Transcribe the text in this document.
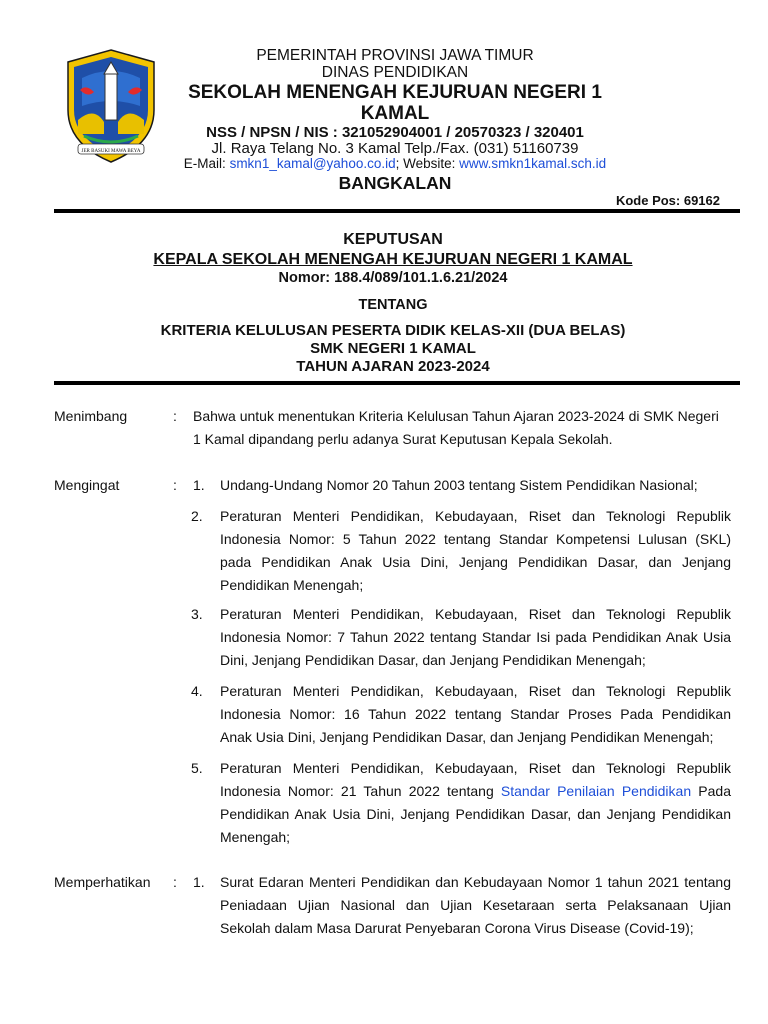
JER BASUKI MAWA BEYA
PEMERINTAH PROVINSI JAWA TIMUR
DINAS PENDIDIKAN
SEKOLAH MENENGAH KEJURUAN NEGERI 1
KAMAL
NSS / NPSN / NIS : 321052904001 / 20570323 / 320401
Jl. Raya Telang No. 3 Kamal Telp./Fax. (031) 51160739
E-Mail: smkn1_kamal@yahoo.co.id; Website: www.smkn1kamal.sch.id
BANGKALAN
Kode Pos: 69162
KEPUTUSAN
KEPALA SEKOLAH MENENGAH KEJURUAN NEGERI 1 KAMAL
Nomor: 188.4/089/101.1.6.21/2024
TENTANG
KRITERIA KELULUSAN PESERTA DIDIK KELAS-XII (DUA BELAS)
SMK NEGERI 1 KAMAL
TAHUN AJARAN 2023-2024
Menimbang	: Bahwa untuk menentukan Kriteria Kelulusan Tahun Ajaran 2023-2024 di SMK Negeri
1 Kamal dipandang perlu adanya Surat Keputusan Kepala Sekolah.
Mengingat	: 1. Undang-Undang Nomor 20 Tahun 2003 tentang Sistem Pendidikan Nasional;
2. Peraturan Menteri Pendidikan, Kebudayaan, Riset dan Teknologi Republik
Indonesia Nomor: 5 Tahun 2022 tentang Standar Kompetensi Lulusan (SKL)
pada Pendidikan Anak Usia Dini, Jenjang Pendidikan Dasar, dan Jenjang
Pendidikan Menengah;
3. Peraturan Menteri Pendidikan, Kebudayaan, Riset dan Teknologi Republik
Indonesia Nomor: 7 Tahun 2022 tentang Standar Isi pada Pendidikan Anak Usia
Dini, Jenjang Pendidikan Dasar, dan Jenjang Pendidikan Menengah;
4. Peraturan Menteri Pendidikan, Kebudayaan, Riset dan Teknologi Republik
Indonesia Nomor: 16 Tahun 2022 tentang Standar Proses Pada Pendidikan
Anak Usia Dini, Jenjang Pendidikan Dasar, dan Jenjang Pendidikan Menengah;
5. Peraturan Menteri Pendidikan, Kebudayaan, Riset dan Teknologi Republik
Indonesia Nomor: 21 Tahun 2022 tentang Standar Penilaian Pendidikan Pada
Pendidikan Anak Usia Dini, Jenjang Pendidikan Dasar, dan Jenjang Pendidikan
Menengah;
Memperhatikan : 1. Surat Edaran Menteri Pendidikan dan Kebudayaan Nomor 1 tahun 2021 tentang
Peniadaan Ujian Nasional dan Ujian Kesetaraan serta Pelaksanaan Ujian
Sekolah dalam Masa Darurat Penyebaran Corona Virus Disease (Covid-19);
